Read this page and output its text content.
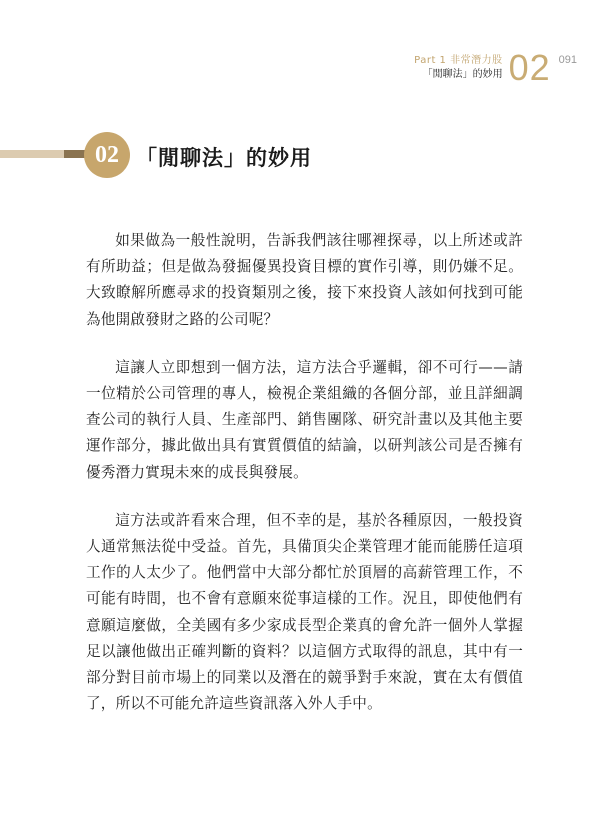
Part 1 非常潛力股
「閒聊法」的妙用 02 091
02 「閒聊法」的妙用

如果做為一般性說明，告訴我們該往哪裡探尋，以上所述或許有所助益；但是做為發掘優異投資目標的實作引導，則仍嫌不足。大致瞭解所應尋求的投資類別之後，接下來投資人該如何找到可能為他開啟發財之路的公司呢？

這讓人立即想到一個方法，這方法合乎邏輯，卻不可行——請一位精於公司管理的專人，檢視企業組織的各個分部，並且詳細調查公司的執行人員、生產部門、銷售團隊、研究計畫以及其他主要運作部分，據此做出具有實質價值的結論，以研判該公司是否擁有優秀潛力實現未來的成長與發展。

這方法或許看來合理，但不幸的是，基於各種原因，一般投資人通常無法從中受益。首先，具備頂尖企業管理才能而能勝任這項工作的人太少了。他們當中大部分都忙於頂層的高薪管理工作，不可能有時間，也不會有意願來從事這樣的工作。況且，即使他們有意願這麼做，全美國有多少家成長型企業真的會允許一個外人掌握足以讓他做出正確判斷的資料？以這個方式取得的訊息，其中有一部分對目前市場上的同業以及潛在的競爭對手來說，實在太有價值了，所以不可能允許這些資訊落入外人手中。
